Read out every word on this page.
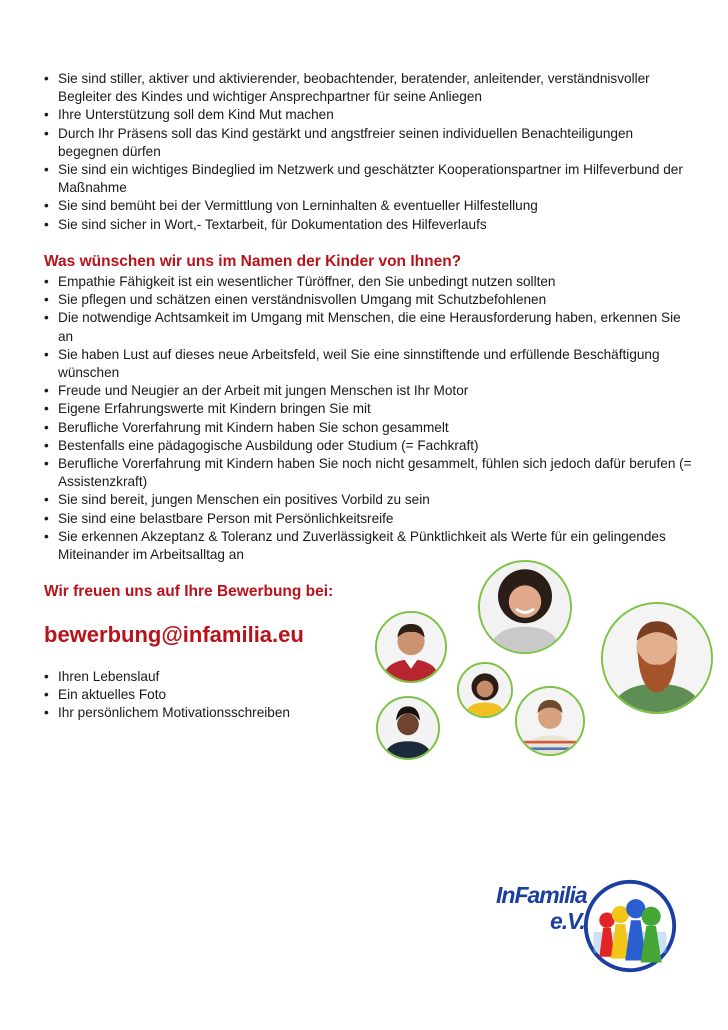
• Sie sind stiller, aktiver und aktivierender, beobachtender, beratender, anleitender, verständnisvoller Begleiter des Kindes und wichtiger Ansprechpartner für seine Anliegen
• Ihre Unterstützung soll dem Kind Mut machen
• Durch Ihr Präsens soll das Kind gestärkt und angstfreier seinen individuellen Benachteiligungen begegnen dürfen
• Sie sind ein wichtiges Bindeglied im Netzwerk und geschätzter Kooperationspartner im Hilfeverbund der Maßnahme
• Sie sind bemüht bei der Vermittlung von Lerninhalten & eventueller Hilfestellung
• Sie sind sicher in Wort,- Textarbeit, für Dokumentation des Hilfeverlaufs
Was wünschen wir uns im Namen der Kinder von Ihnen?
• Empathie Fähigkeit ist ein wesentlicher Türöffner, den Sie unbedingt nutzen sollten
• Sie pflegen und schätzen einen verständnisvollen Umgang mit Schutzbefohlenen
• Die notwendige Achtsamkeit im Umgang mit Menschen, die eine Herausforderung haben, erkennen Sie an
• Sie haben Lust auf dieses neue Arbeitsfeld, weil Sie eine sinnstiftende und erfüllende Beschäftigung wünschen
• Freude und Neugier an der Arbeit mit jungen Menschen ist Ihr Motor
• Eigene Erfahrungswerte mit Kindern bringen Sie mit
• Berufliche Vorerfahrung mit Kindern haben Sie schon gesammelt
• Bestenfalls eine pädagogische Ausbildung oder Studium (= Fachkraft)
• Berufliche Vorerfahrung mit Kindern haben Sie noch nicht gesammelt, fühlen sich jedoch dafür berufen (= Assistenzkraft)
• Sie sind bereit, jungen Menschen ein positives Vorbild zu sein
• Sie sind eine belastbare Person mit Persönlichkeitsreife
• Sie erkennen Akzeptanz & Toleranz und Zuverlässigkeit & Pünktlichkeit als Werte für ein gelingendes Miteinander im Arbeitsalltag an
Wir freuen uns auf Ihre Bewerbung bei:

bewerbung@infamilia.eu

• Ihren Lebenslauf
• Ein aktuelles Foto
• Ihr persönlichem Motivationsschreiben
InFamilia
e.V.
